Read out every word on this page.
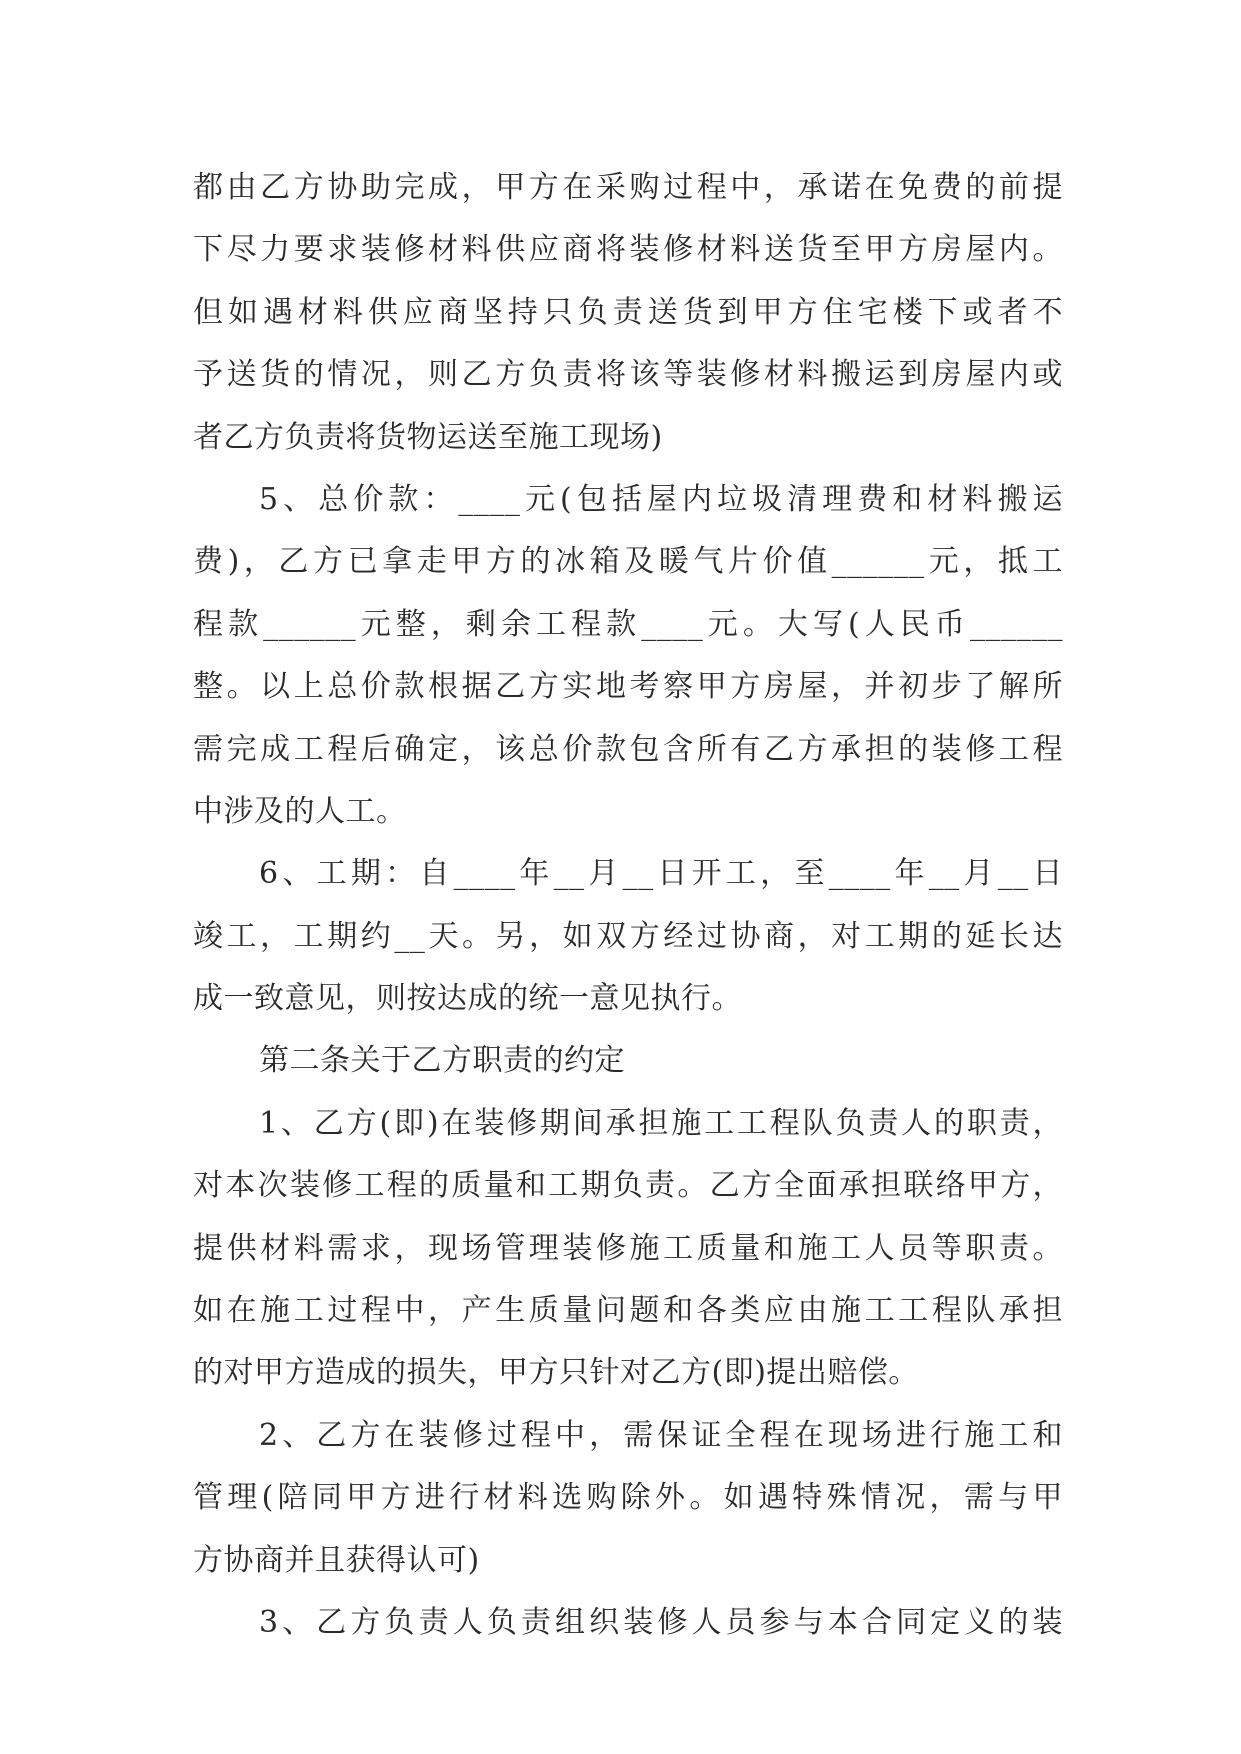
都由乙方协助完成，甲方在采购过程中，承诺在免费的前提
下尽力要求装修材料供应商将装修材料送货至甲方房屋内。
但如遇材料供应商坚持只负责送货到甲方住宅楼下或者不
予送货的情况，则乙方负责将该等装修材料搬运到房屋内或
者乙方负责将货物运送至施工现场)
5、总价款：____元(包括屋内垃圾清理费和材料搬运
费)，乙方已拿走甲方的冰箱及暖气片价值______元，抵工
程款______元整，剩余工程款____元。大写(人民币______
整。以上总价款根据乙方实地考察甲方房屋，并初步了解所
需完成工程后确定，该总价款包含所有乙方承担的装修工程
中涉及的人工。
6、工期：自____年__月__日开工，至____年__月__日
竣工，工期约__天。另，如双方经过协商，对工期的延长达
成一致意见，则按达成的统一意见执行。
第二条关于乙方职责的约定
1、乙方(即)在装修期间承担施工工程队负责人的职责，
对本次装修工程的质量和工期负责。乙方全面承担联络甲方，
提供材料需求，现场管理装修施工质量和施工人员等职责。
如在施工过程中，产生质量问题和各类应由施工工程队承担
的对甲方造成的损失，甲方只针对乙方(即)提出赔偿。
2、乙方在装修过程中，需保证全程在现场进行施工和
管理(陪同甲方进行材料选购除外。如遇特殊情况，需与甲
方协商并且获得认可)
3、乙方负责人负责组织装修人员参与本合同定义的装
